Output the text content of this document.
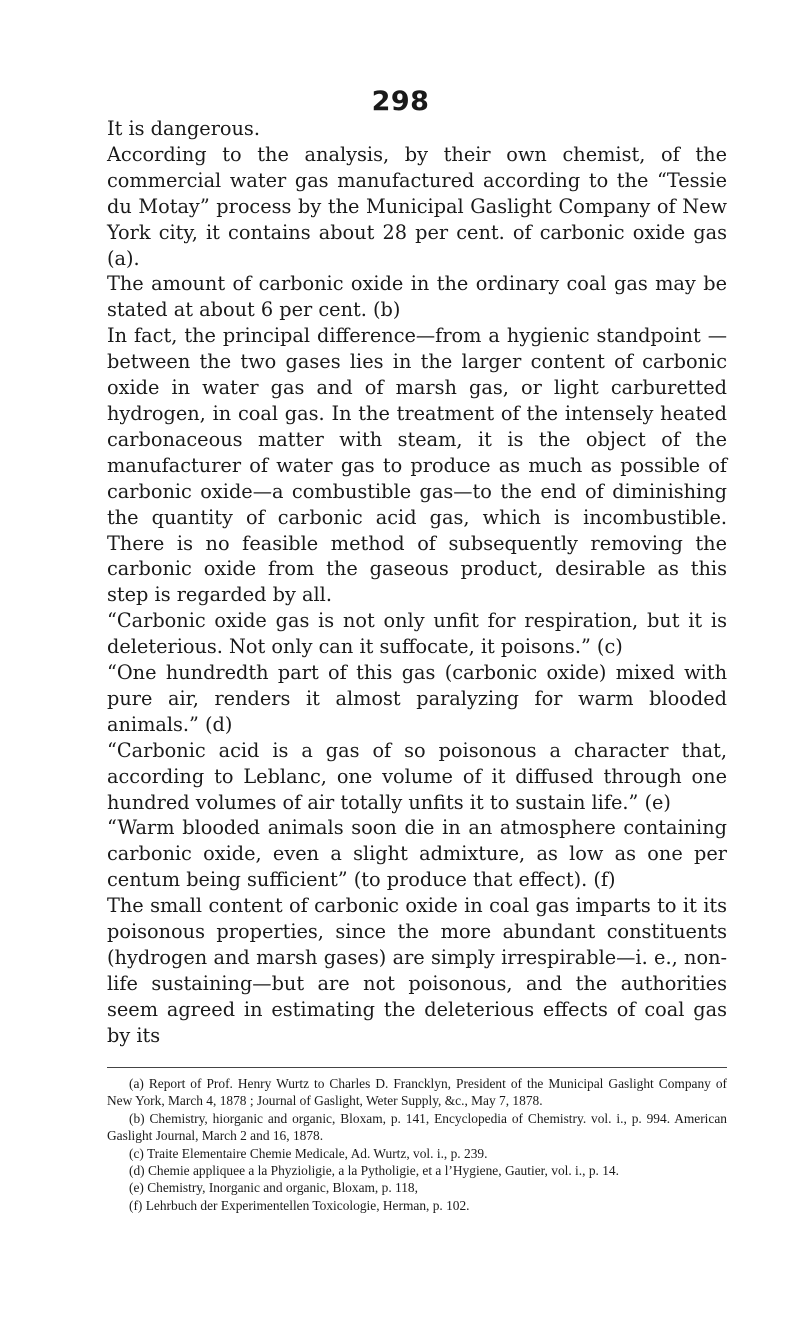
298

It is dangerous.

According to the analysis, by their own chemist, of the commercial water gas manufactured according to the “Tessie du Motay” process by the Municipal Gaslight Company of New York city, it contains about 28 per cent. of carbonic oxide gas (a).

The amount of carbonic oxide in the ordinary coal gas may be stated at about 6 per cent. (b)

In fact, the principal difference—from a hygienic standpoint —between the two gases lies in the larger content of carbonic oxide in water gas and of marsh gas, or light carburetted hydrogen, in coal gas. In the treatment of the intensely heated carbonaceous matter with steam, it is the object of the manufacturer of water gas to produce as much as possible of carbonic oxide—a combustible gas—to the end of diminishing the quantity of carbonic acid gas, which is incombustible. There is no feasible method of subsequently removing the carbonic oxide from the gaseous product, desirable as this step is regarded by all.

“Carbonic oxide gas is not only unfit for respiration, but it is deleterious. Not only can it suffocate, it poisons.” (c)

“One hundredth part of this gas (carbonic oxide) mixed with pure air, renders it almost paralyzing for warm blooded animals.” (d)

“Carbonic acid is a gas of so poisonous a character that, according to Leblanc, one volume of it diffused through one hundred volumes of air totally unfits it to sustain life.” (e)

“Warm blooded animals soon die in an atmosphere containing carbonic oxide, even a slight admixture, as low as one per centum being sufficient” (to produce that effect). (f)

The small content of carbonic oxide in coal gas imparts to it its poisonous properties, since the more abundant constituents (hydrogen and marsh gases) are simply irrespirable—i. e., non-life sustaining—but are not poisonous, and the authorities seem agreed in estimating the deleterious effects of coal gas by its

(a) Report of Prof. Henry Wurtz to Charles D. Francklyn, President of the Municipal Gaslight Company of New York, March 4, 1878 ; Journal of Gaslight, Weter Supply, &c., May 7, 1878.

(b) Chemistry, hiorganic and organic, Bloxam, p. 141, Encyclopedia of Chemistry. vol. i., p. 994. American Gaslight Journal, March 2 and 16, 1878.

(c) Traite Elementaire Chemie Medicale, Ad. Wurtz, vol. i., p. 239.

(d) Chemie appliquee a la Phyzioligie, a la Pytholigie, et a l’Hygiene, Gautier, vol. i., p. 14.

(e) Chemistry, Inorganic and organic, Bloxam, p. 118,

(f) Lehrbuch der Experimentellen Toxicologie, Herman, p. 102.
